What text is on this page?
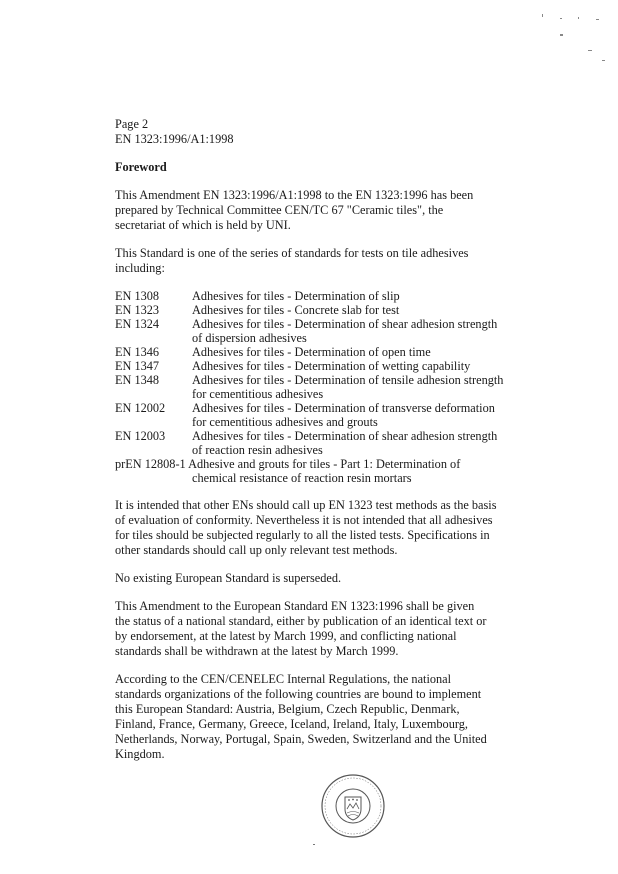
Page 2
EN 1323:1996/A1:1998
Foreword
This Amendment EN 1323:1996/A1:1998 to the EN 1323:1996 has been
prepared by Technical Committee CEN/TC 67 "Ceramic tiles", the
secretariat of which is held by UNI.
This Standard is one of the series of standards for tests on tile adhesives
including:
EN 1308	Adhesives for tiles - Determination of slip

EN 1323	Adhesives for tiles - Concrete slab for test

EN 1324	Adhesives for tiles - Determination of shear adhesion strength
of dispersion adhesives

EN 1346	Adhesives for tiles - Determination of open time

EN 1347	Adhesives for tiles - Determination of wetting capability

EN 1348	Adhesives for tiles - Determination of tensile adhesion strength
for cementitious adhesives

EN 12002	Adhesives for tiles - Determination of transverse deformation
for cementitious adhesives and grouts

EN 12003	Adhesives for tiles - Determination of shear adhesion strength
of reaction resin adhesives

prEN 12808-1 Adhesive and grouts for tiles - Part 1: Determination of
chemical resistance of reaction resin mortars	
It is intended that other ENs should call up EN 1323 test methods as the basis
of evaluation of conformity. Nevertheless it is not intended that all adhesives
for tiles should be subjected regularly to all the listed tests. Specifications in
other standards should call up only relevant test methods.
No existing European Standard is superseded.
This Amendment to the European Standard EN 1323:1996 shall be given
the status of a national standard, either by publication of an identical text or
by endorsement, at the latest by March 1999, and conflicting national
standards shall be withdrawn at the latest by March 1999.
According to the CEN/CENELEC Internal Regulations, the national
standards organizations of the following countries are bound to implement
this European Standard: Austria, Belgium, Czech Republic, Denmark,
Finland, France, Germany, Greece, Iceland, Ireland, Italy, Luxembourg,
Netherlands, Norway, Portugal, Spain, Sweden, Switzerland and the United
Kingdom.
